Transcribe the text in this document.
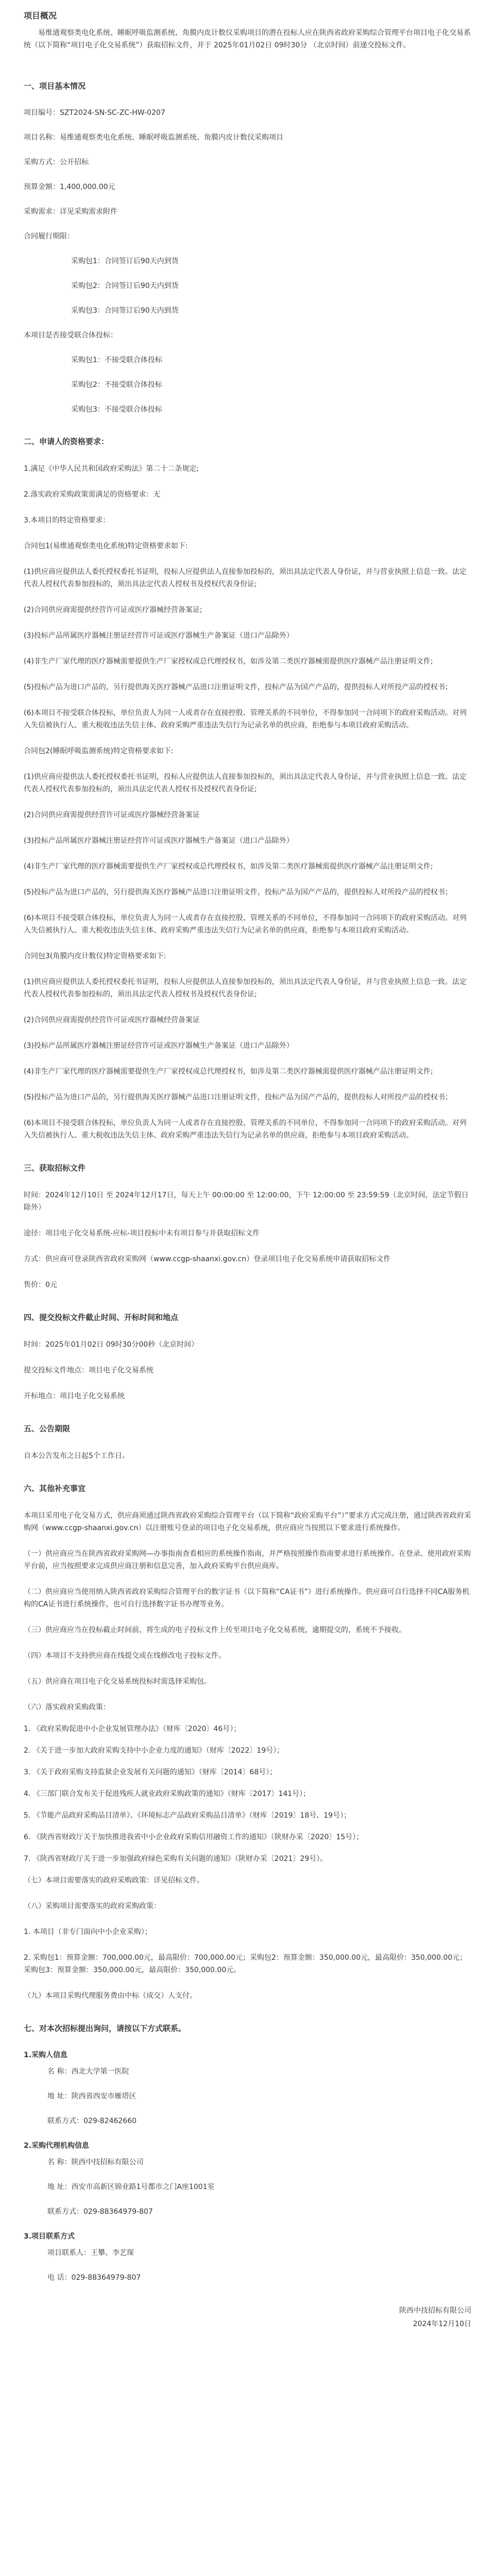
项目概况
易维通观察类电化系统、睡眠呼吸监测系统、角膜内皮计数仪采购项目的潜在投标人应在陕西省政府采购综合管理平台项目电子化交易系统（以下简称“项目电子化交易系统”）获取招标文件，并于 2025年01月02日 09时30分 （北京时间）前递交投标文件。
一、项目基本情况
项目编号：SZT2024-SN-SC-ZC-HW-0207
项目名称：易维通观察类电化系统、睡眠呼吸监测系统、角膜内皮计数仪采购项目
采购方式：公开招标
预算金额：1,400,000.00元
采购需求：详见采购需求附件
合同履行期限：
采购包1：合同签订后90天内到货
采购包2：合同签订后90天内到货
采购包3：合同签订后90天内到货
本项目是否接受联合体投标：
采购包1：不接受联合体投标
采购包2：不接受联合体投标
采购包3：不接受联合体投标
二、申请人的资格要求：
1.满足《中华人民共和国政府采购法》第二十二条规定;
2.落实政府采购政策需满足的资格要求：无
3.本项目的特定资格要求：
合同包1(易维通观察类电化系统)特定资格要求如下:
(1)供应商应提供法人委托授权委托书证明，投标人应提供法人直接参加投标的，须出具法定代表人身份证，并与营业执照上信息一致。法定代表人授权代表参加投标的，须出具法定代表人授权书及授权代表身份证;
(2)合同供应商需提供经营许可证或医疗器械经营备案证;
(3)投标产品所属医疗器械注册证经营许可证或医疗器械生产备案证（进口产品除外）
(4)非生产厂家代理的医疗器械需要提供生产厂家授权或总代理授权书，如涉及第二类医疗器械需提供医疗器械产品注册证明文件;
(5)投标产品为进口产品的，另行提供海关医疗器械产品进口注册证明文件，投标产品为国产产品的，提供投标人对所投产品的授权书；
(6)本项目不接受联合体投标，单位负责人为同一人或者存在直接控股、管理关系的不同单位，不得参加同一合同项下的政府采购活动。对列入失信被执行人、重大税收违法失信主体、政府采购严重违法失信行为记录名单的供应商，拒绝参与本项目政府采购活动。
合同包2(睡眠呼吸监测系统)特定资格要求如下:
(1)供应商应提供法人委托授权委托书证明，投标人应提供法人直接参加投标的，须出具法定代表人身份证，并与营业执照上信息一致。法定代表人授权代表参加投标的，须出具法定代表人授权书及授权代表身份证;
(2)合同供应商需提供经营许可证或医疗器械经营备案证
(3)投标产品所属医疗器械注册证经营许可证或医疗器械生产备案证（进口产品除外）
(4)非生产厂家代理的医疗器械需要提供生产厂家授权或总代理授权书，如涉及第二类医疗器械需提供医疗器械产品注册证明文件;
(5)投标产品为进口产品的，另行提供海关医疗器械产品进口注册证明文件，投标产品为国产产品的，提供投标人对所投产品的授权书；
(6)本项目不接受联合体投标，单位负责人为同一人或者存在直接控股、管理关系的不同单位，不得参加同一合同项下的政府采购活动。对列入失信被执行人、重大税收违法失信主体、政府采购严重违法失信行为记录名单的供应商，拒绝参与本项目政府采购活动。
合同包3(角膜内皮计数仪)特定资格要求如下:
(1)供应商应提供法人委托授权委托书证明，投标人应提供法人直接参加投标的，须出具法定代表人身份证，并与营业执照上信息一致。法定代表人授权代表参加投标的，须出具法定代表人授权书及授权代表身份证;
(2)合同供应商需提供经营许可证或医疗器械经营备案证
(3)投标产品所属医疗器械注册证经营许可证或医疗器械生产备案证（进口产品除外）
(4)非生产厂家代理的医疗器械需要提供生产厂家授权或总代理授权书，如涉及第二类医疗器械需提供医疗器械产品注册证明文件;
(5)投标产品为进口产品的，另行提供海关医疗器械产品进口注册证明文件，投标产品为国产产品的，提供投标人对所投产品的授权书；
(6)本项目不接受联合体投标，单位负责人为同一人或者存在直接控股、管理关系的不同单位，不得参加同一合同项下的政府采购活动。对列入失信被执行人、重大税收违法失信主体、政府采购严重违法失信行为记录名单的供应商，拒绝参与本项目政府采购活动。
三、获取招标文件
时间：2024年12月10日 至 2024年12月17日，每天上午 00:00:00 至 12:00:00，下午 12:00:00 至 23:59:59（北京时间，法定节假日除外）
途径：项目电子化交易系统-应标-项目投标中未有项目参与并获取招标文件
方式：供应商可登录陕西省政府采购网（www.ccgp-shaanxi.gov.cn）登录项目电子化交易系统申请获取招标文件
售价：0元
四、提交投标文件截止时间、开标时间和地点
时间：2025年01月02日 09时30分00秒（北京时间）
提交投标文件地点：项目电子化交易系统
开标地点：项目电子化交易系统
五、公告期限
自本公告发布之日起5个工作日。
六、其他补充事宜
本项目采用电子化交易方式，供应商须通过陕西省政府采购综合管理平台（以下简称“政府采购平台”）”要求方式完成注册，通过陕西省政府采购网（www.ccgp-shaanxi.gov.cn）以注册账号登录的项目电子化交易系统，供应商应当按照以下要求进行系统操作。
（一）供应商应当在陕西省政府采购网—办事指南查看相应的系统操作指南，并严格按照操作指南要求进行系统操作。在登录、使用政府采购平台前，应当按照要求完成供应商注册和信息完善，加入政府采购平台供应商库。
（二）供应商应当使用纳入陕西省政府采购综合管理平台的数字证书（以下简称“CA证书”）进行系统操作。供应商可自行选择不同CA服务机构的CA证书进行系统操作，也可自行选择数字证书办理等业务。
（三）供应商应当在投标截止时间前，将生成的电子投标文件上传至项目电子化交易系统，逾期提交的，系统不予接收。
（四）本项目不支持供应商在线提交或在线修改电子投标文件。
（五）供应商在项目电子化交易系统投标时需选择采购包。
（六）落实政府采购政策：
1. 《政府采购促进中小企业发展管理办法》（财库〔2020〕46号）；
2. 《关于进一步加大政府采购支持中小企业力度的通知》（财库〔2022〕19号）；
3. 《关于政府采购支持监狱企业发展有关问题的通知》（财库〔2014〕68号）；
4. 《三部门联合发布关于促进残疾人就业政府采购政策的通知》（财库〔2017〕141号）；
5. 《节能产品政府采购品目清单》、《环境标志产品政府采购品目清单》（财库〔2019〕18号、19号）；
6. 《陕西省财政厅关于加快推进我省中小企业政府采购信用融资工作的通知》（陕财办采〔2020〕15号）；
7. 《陕西省财政厅关于进一步加强政府绿色采购有关问题的通知》（陕财办采〔2021〕29号）。
（七）本项目需要落实的政府采购政策：详见招标文件。
（八）采购项目需要落实的政府采购政策：
1. 本项目（非专门面向中小企业采购）；
2. 采购包1：预算金额：700,000.00元，最高限价：700,000.00元；采购包2：预算金额：350,000.00元，最高限价：350,000.00元；采购包3：预算金额：350,000.00元，最高限价：350,000.00元。
（九）本项目采购代理服务费由中标（成交）人支付。
七、对本次招标提出询问，请按以下方式联系。
1.采购人信息
名 称：西北大学第一医院
地 址：陕西省西安市雁塔区
联系方式：029-82462660
2.采购代理机构信息
名 称：陕西中技招标有限公司
地 址：西安市高新区锦业路1号都市之门A座1001室
联系方式：029-88364979-807
3.项目联系方式
项目联系人：王攀、李艺琛
电 话：029-88364979-807
陕西中技招标有限公司
2024年12月10日
